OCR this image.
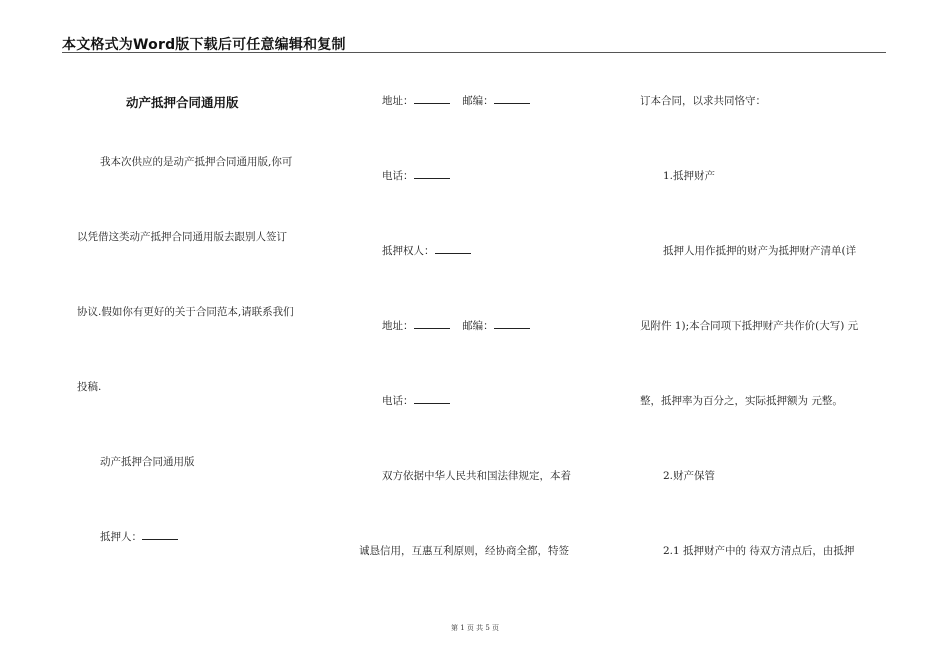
本文格式为Word版下载后可任意编辑和复制
动产抵押合同通用版
我本次供应的是动产抵押合同通用版,你可
以凭借这类动产抵押合同通用版去跟别人签订
协议.假如你有更好的关于合同范本,请联系我们
投稿.
动产抵押合同通用版
抵押人：
地址：	邮编：
电话：
抵押权人：
地址：	邮编：
电话：
双方依据中华人民共和国法律规定，本着
诚恳信用，互惠互利原则，经协商全都，特签
订本合同，以求共同恪守：
1.抵押财产
抵押人用作抵押的财产为抵押财产清单(详
见附件 1);本合同项下抵押财产共作价(大写) 元
整，抵押率为百分之，实际抵押额为 元整。
2.财产保管
2.1 抵押财产中的 待双方清点后，由抵押
第 1 页 共 5 页
